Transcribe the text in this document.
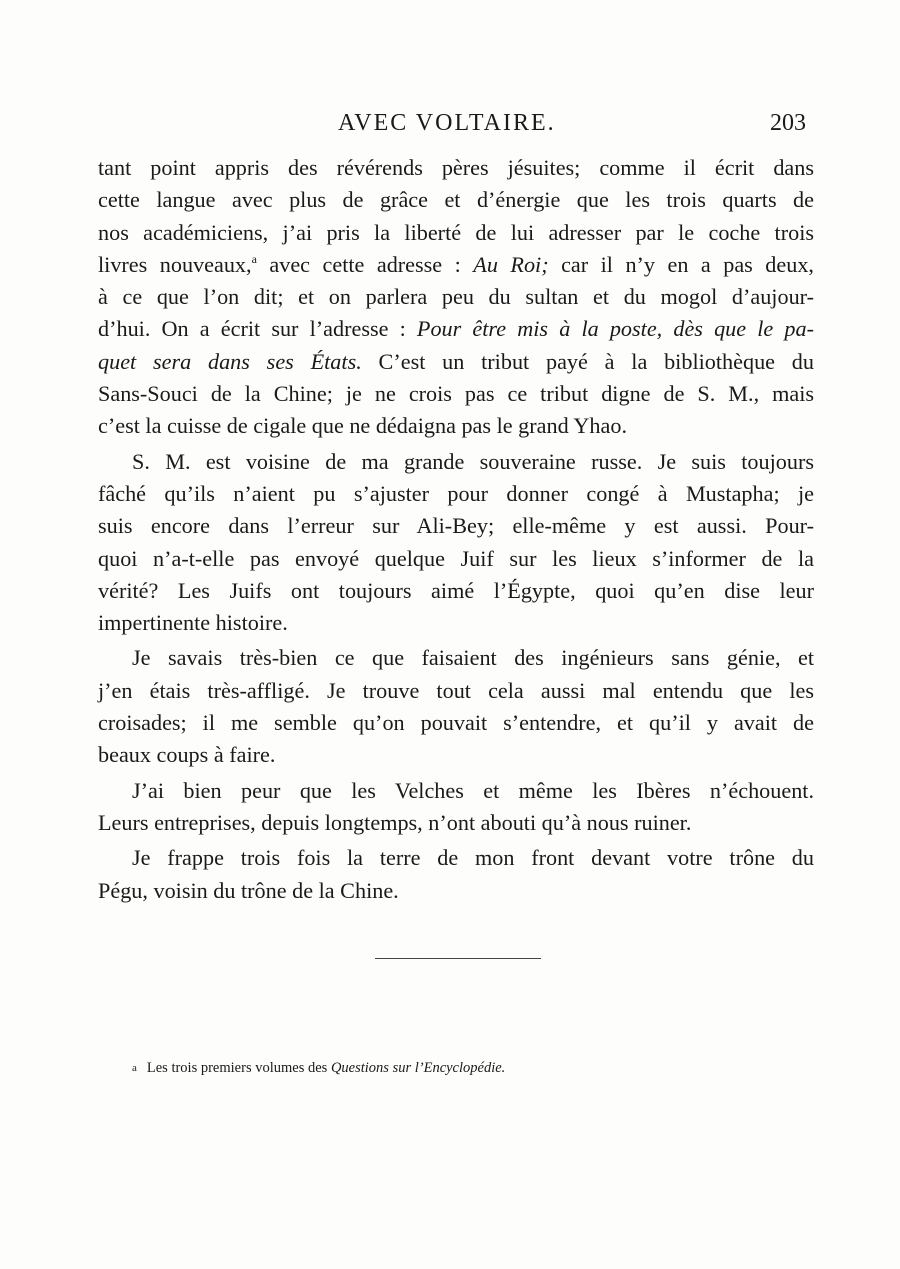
AVEC VOLTAIRE.	203
tant point appris des révérends pères jésuites; comme il écrit dans
cette langue avec plus de grâce et d’énergie que les trois quarts de
nos académiciens, j’ai pris la liberté de lui adresser par le coche trois
livres nouveaux,$^a$ avec cette adresse : Au Roi; car il n’y en a pas deux,
à ce que l’on dit; et on parlera peu du sultan et du mogol d’aujour-
d’hui. On a écrit sur l’adresse : Pour être mis à la poste, dès que le pa-
quet sera dans ses États. C’est un tribut payé à la bibliothèque du
Sans-Souci de la Chine; je ne crois pas ce tribut digne de S. M., mais
c’est la cuisse de cigale que ne dédaigna pas le grand Yhao.
S. M. est voisine de ma grande souveraine russe. Je suis toujours
fâché qu’ils n’aient pu s’ajuster pour donner congé à Mustapha; je
suis encore dans l’erreur sur Ali-Bey; elle-même y est aussi. Pour-
quoi n’a-t-elle pas envoyé quelque Juif sur les lieux s’informer de la
vérité? Les Juifs ont toujours aimé l’Égypte, quoi qu’en dise leur
impertinente histoire.
Je savais très-bien ce que faisaient des ingénieurs sans génie, et
j’en étais très-affligé. Je trouve tout cela aussi mal entendu que les
croisades; il me semble qu’on pouvait s’entendre, et qu’il y avait de
beaux coups à faire.
J’ai bien peur que les Velches et même les Ibères n’échouent.
Leurs entreprises, depuis longtemps, n’ont abouti qu’à nous ruiner.
Je frappe trois fois la terre de mon front devant votre trône du
Pégu, voisin du trône de la Chine.
a Les trois premiers volumes des Questions sur l’Encyclopédie.
